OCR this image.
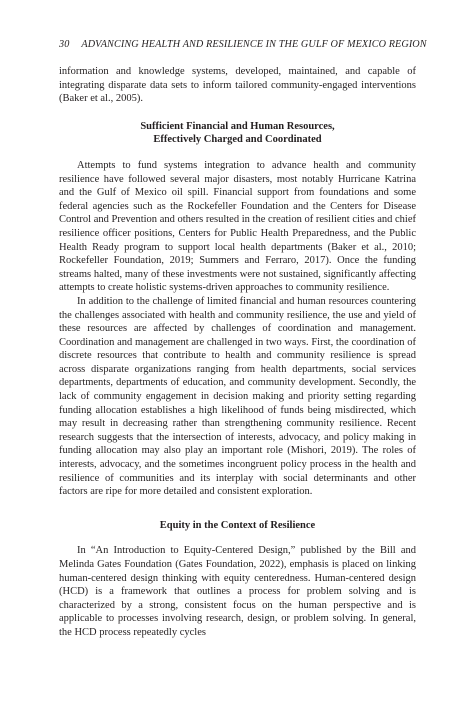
30 ADVANCING HEALTH AND RESILIENCE IN THE GULF OF MEXICO REGION

information and knowledge systems, developed, maintained, and capable of integrating disparate data sets to inform tailored community-engaged interventions (Baker et al., 2005).

Sufficient Financial and Human Resources,
Effectively Charged and Coordinated

Attempts to fund systems integration to advance health and community resilience have followed several major disasters, most notably Hurricane Katrina and the Gulf of Mexico oil spill. Financial support from foundations and some federal agencies such as the Rockefeller Foundation and the Centers for Disease Control and Prevention and others resulted in the creation of resilient cities and chief resilience officer positions, Centers for Public Health Preparedness, and the Public Health Ready program to support local health departments (Baker et al., 2010; Rockefeller Foundation, 2019; Summers and Ferraro, 2017). Once the funding streams halted, many of these investments were not sustained, significantly affecting attempts to create holistic systems-driven approaches to community resilience.

In addition to the challenge of limited financial and human resources countering the challenges associated with health and community resilience, the use and yield of these resources are affected by challenges of coordination and management. Coordination and management are challenged in two ways. First, the coordination of discrete resources that contribute to health and community resilience is spread across disparate organizations ranging from health departments, social services departments, departments of education, and community development. Secondly, the lack of community engagement in decision making and priority setting regarding funding allocation establishes a high likelihood of funds being misdirected, which may result in decreasing rather than strengthening community resilience. Recent research suggests that the intersection of interests, advocacy, and policy making in funding allocation may also play an important role (Mishori, 2019). The roles of interests, advocacy, and the sometimes incongruent policy process in the health and resilience of communities and its interplay with social determinants and other factors are ripe for more detailed and consistent exploration.

Equity in the Context of Resilience

In “An Introduction to Equity-Centered Design,” published by the Bill and Melinda Gates Foundation (Gates Foundation, 2022), emphasis is placed on linking human-centered design thinking with equity centeredness. Human-centered design (HCD) is a framework that outlines a process for problem solving and is characterized by a strong, consistent focus on the human perspective and is applicable to processes involving research, design, or problem solving. In general, the HCD process repeatedly cycles
